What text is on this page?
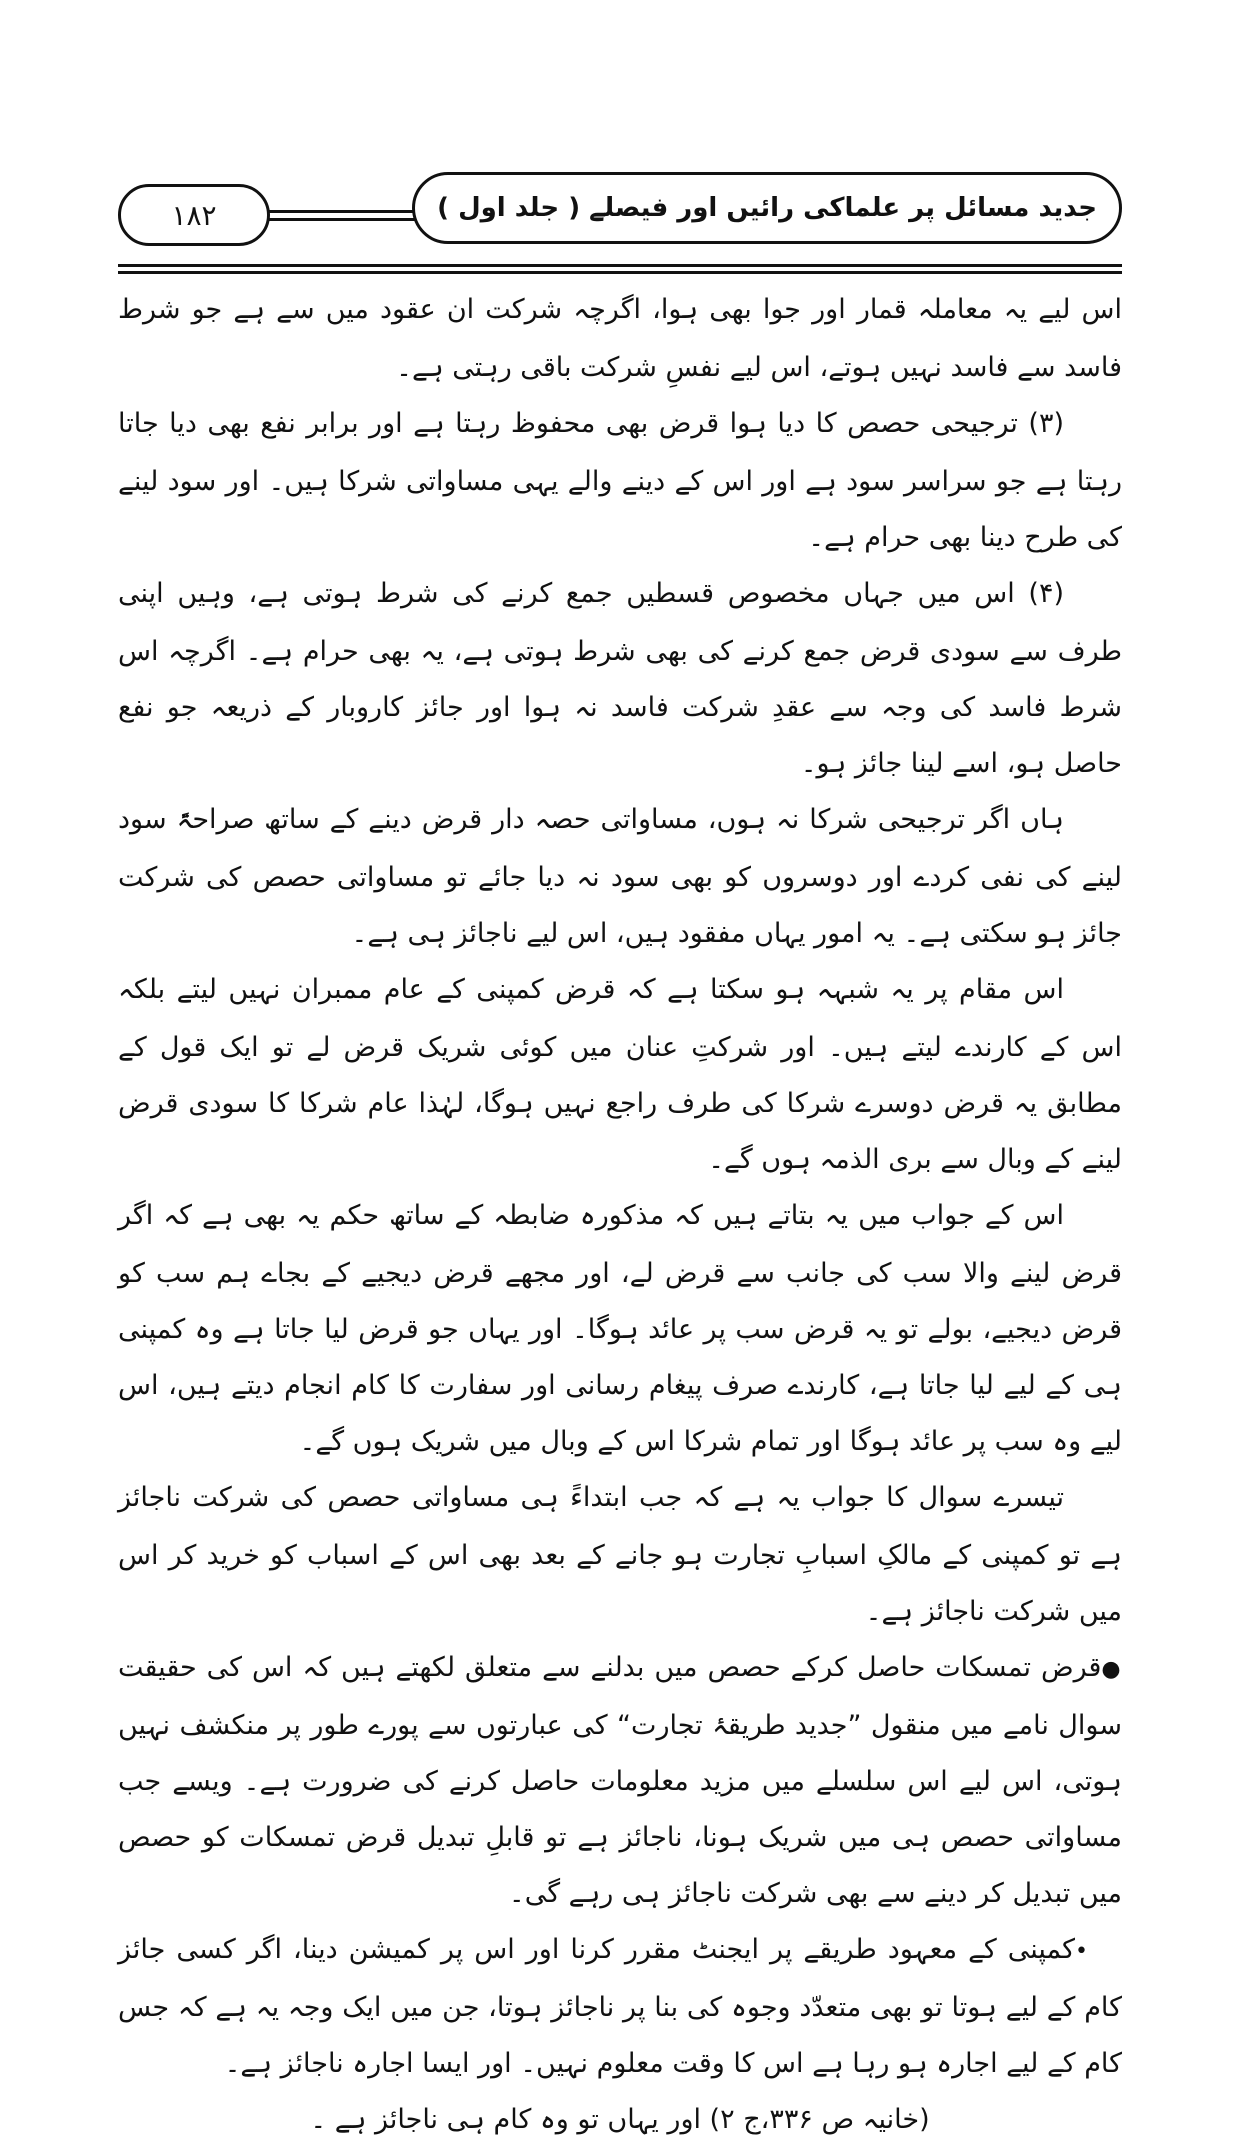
۱۸۲	جدید مسائل پر علماکی رائیں اور فیصلے ( جلد اول )

اس لیے یہ معاملہ قمار اور جوا بھی ہوا، اگرچہ شرکت ان عقود میں سے ہے جو شرط فاسد سے فاسد نہیں ہوتے، اس لیے نفسِ شرکت باقی رہتی ہے۔

(۳) ترجیحی حصص کا دیا ہوا قرض بھی محفوظ رہتا ہے اور برابر نفع بھی دیا جاتا رہتا ہے جو سراسر سود ہے اور اس کے دینے والے یہی مساواتی شرکا ہیں۔ اور سود لینے کی طرح دینا بھی حرام ہے۔

(۴) اس میں جہاں مخصوص قسطیں جمع کرنے کی شرط ہوتی ہے، وہیں اپنی طرف سے سودی قرض جمع کرنے کی بھی شرط ہوتی ہے، یہ بھی حرام ہے۔ اگرچہ اس شرط فاسد کی وجہ سے عقدِ شرکت فاسد نہ ہوا اور جائز کاروبار کے ذریعہ جو نفع حاصل ہو، اسے لینا جائز ہو۔

ہاں اگر ترجیحی شرکا نہ ہوں، مساواتی حصہ دار قرض دینے کے ساتھ صراحۃً سود لینے کی نفی کردے اور دوسروں کو بھی سود نہ دیا جائے تو مساواتی حصص کی شرکت جائز ہو سکتی ہے۔ یہ امور یہاں مفقود ہیں، اس لیے ناجائز ہی ہے۔

اس مقام پر یہ شبہہ ہو سکتا ہے کہ قرض کمپنی کے عام ممبران نہیں لیتے بلکہ اس کے کارندے لیتے ہیں۔ اور شرکتِ عنان میں کوئی شریک قرض لے تو ایک قول کے مطابق یہ قرض دوسرے شرکا کی طرف راجع نہیں ہوگا، لہٰذا عام شرکا کا سودی قرض لینے کے وبال سے بری الذمہ ہوں گے۔

اس کے جواب میں یہ بتاتے ہیں کہ مذکورہ ضابطہ کے ساتھ حکم یہ بھی ہے کہ اگر قرض لینے والا سب کی جانب سے قرض لے، اور مجھے قرض دیجیے کے بجاے ہم سب کو قرض دیجیے، بولے تو یہ قرض سب پر عائد ہوگا۔ اور یہاں جو قرض لیا جاتا ہے وہ کمپنی ہی کے لیے لیا جاتا ہے، کارندے صرف پیغام رسانی اور سفارت کا کام انجام دیتے ہیں، اس لیے وہ سب پر عائد ہوگا اور تمام شرکا اس کے وبال میں شریک ہوں گے۔

تیسرے سوال کا جواب یہ ہے کہ جب ابتداءً ہی مساواتی حصص کی شرکت ناجائز ہے تو کمپنی کے مالکِ اسبابِ تجارت ہو جانے کے بعد بھی اس کے اسباب کو خرید کر اس میں شرکت ناجائز ہے۔

●قرض تمسکات حاصل کرکے حصص میں بدلنے سے متعلق لکھتے ہیں کہ اس کی حقیقت سوال نامے میں منقول ”جدید طریقۂ تجارت“ کی عبارتوں سے پورے طور پر منکشف نہیں ہوتی، اس لیے اس سلسلے میں مزید معلومات حاصل کرنے کی ضرورت ہے۔ ویسے جب مساواتی حصص ہی میں شریک ہونا، ناجائز ہے تو قابلِ تبدیل قرض تمسکات کو حصص میں تبدیل کر دینے سے بھی شرکت ناجائز ہی رہے گی۔

•کمپنی کے معہود طریقے پر ایجنٹ مقرر کرنا اور اس پر کمیشن دینا، اگر کسی جائز کام کے لیے ہوتا تو بھی متعدّد وجوہ کی بنا پر ناجائز ہوتا، جن میں ایک وجہ یہ ہے کہ جس کام کے لیے اجارہ ہو رہا ہے اس کا وقت معلوم نہیں۔ اور ایسا اجارہ ناجائز ہے۔

(خانیہ ص ۳۳۶،ج ۲) اور یہاں تو وہ کام ہی ناجائز ہے ۔
